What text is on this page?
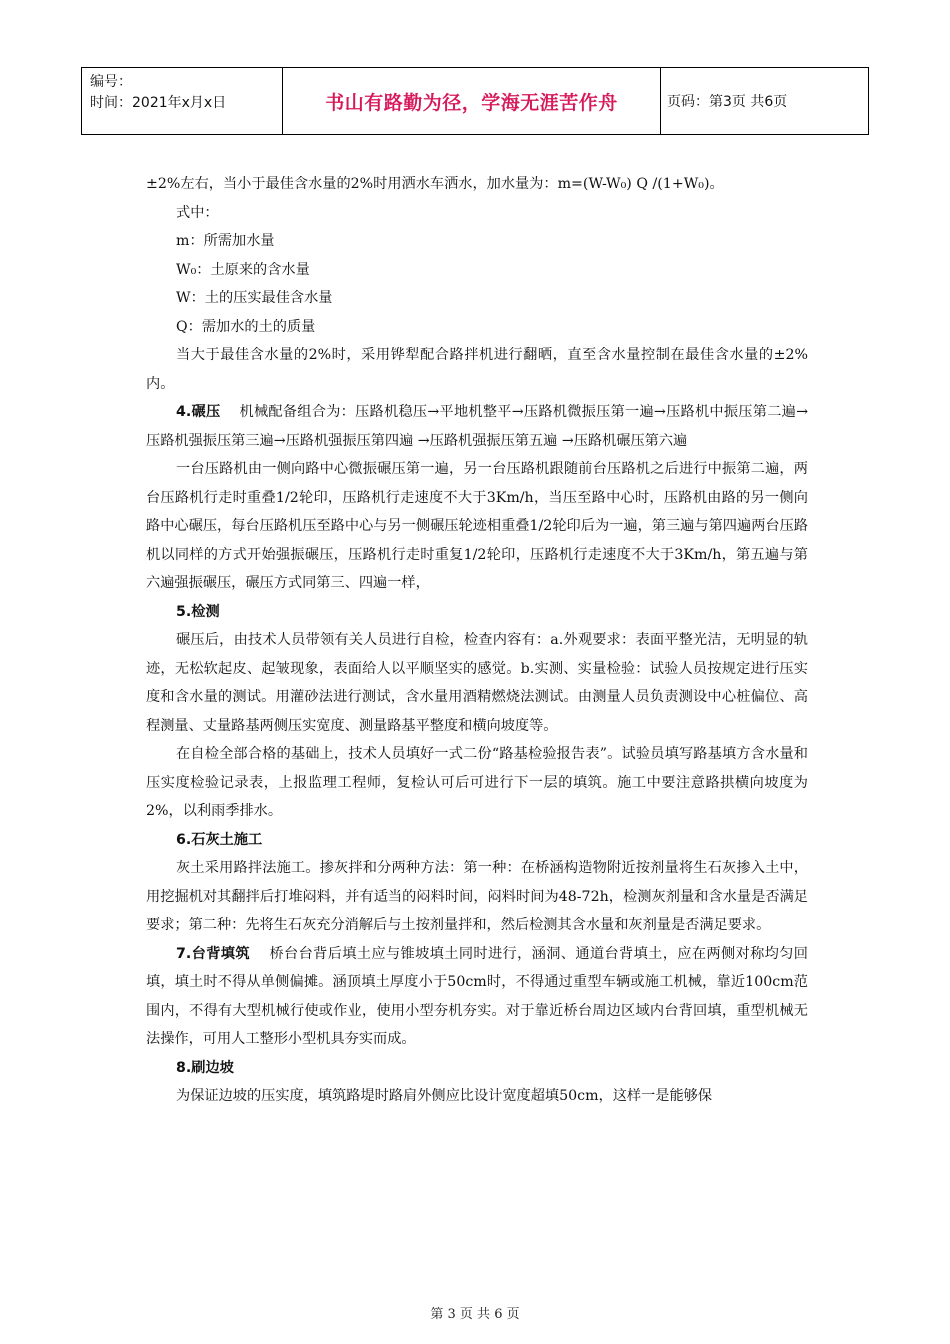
编号：
时间：2021年x月x日	书山有路勤为径，学海无涯苦作舟	页码：第3页 共6页

±2%左右，当小于最佳含水量的2%时用洒水车洒水，加水量为：m=(W-W₀) Q /(1+W₀)。

式中：

m：所需加水量

W₀：土原来的含水量

W：土的压实最佳含水量

Q：需加水的土的质量

当大于最佳含水量的2%时，采用铧犁配合路拌机进行翻晒，直至含水量控制在最佳含水量的±2%内。

4.碾压 机械配备组合为：压路机稳压→平地机整平→压路机微振压第一遍→压路机中振压第二遍→压路机强振压第三遍→压路机强振压第四遍 →压路机强振压第五遍 →压路机碾压第六遍

一台压路机由一侧向路中心微振碾压第一遍，另一台压路机跟随前台压路机之后进行中振第二遍，两台压路机行走时重叠1/2轮印，压路机行走速度不大于3Km/h，当压至路中心时，压路机由路的另一侧向路中心碾压，每台压路机压至路中心与另一侧碾压轮迹相重叠1/2轮印后为一遍，第三遍与第四遍两台压路机以同样的方式开始强振碾压，压路机行走时重复1/2轮印，压路机行走速度不大于3Km/h，第五遍与第六遍强振碾压，碾压方式同第三、四遍一样，

5.检测

碾压后，由技术人员带领有关人员进行自检，检查内容有：a.外观要求：表面平整光洁，无明显的轨迹，无松软起皮、起皱现象，表面给人以平顺坚实的感觉。b.实测、实量检验：试验人员按规定进行压实度和含水量的测试。用灌砂法进行测试，含水量用酒精燃烧法测试。由测量人员负责测设中心桩偏位、高程测量、丈量路基两侧压实宽度、测量路基平整度和横向坡度等。

在自检全部合格的基础上，技术人员填好一式二份“路基检验报告表”。试验员填写路基填方含水量和压实度检验记录表，上报监理工程师，复检认可后可进行下一层的填筑。施工中要注意路拱横向坡度为2%，以利雨季排水。

6.石灰土施工

灰土采用路拌法施工。掺灰拌和分两种方法：第一种：在桥涵构造物附近按剂量将生石灰掺入土中，用挖掘机对其翻拌后打堆闷料，并有适当的闷料时间，闷料时间为48-72h，检测灰剂量和含水量是否满足要求；第二种：先将生石灰充分消解后与土按剂量拌和，然后检测其含水量和灰剂量是否满足要求。

7.台背填筑 桥台台背后填土应与锥坡填土同时进行，涵洞、通道台背填土，应在两侧对称均匀回填，填土时不得从单侧偏摊。涵顶填土厚度小于50cm时，不得通过重型车辆或施工机械，靠近100cm范围内，不得有大型机械行使或作业，使用小型夯机夯实。对于靠近桥台周边区域内台背回填，重型机械无法操作，可用人工整形小型机具夯实而成。

8.刷边坡

为保证边坡的压实度，填筑路堤时路肩外侧应比设计宽度超填50cm，这样一是能够保

第 3 页 共 6 页
